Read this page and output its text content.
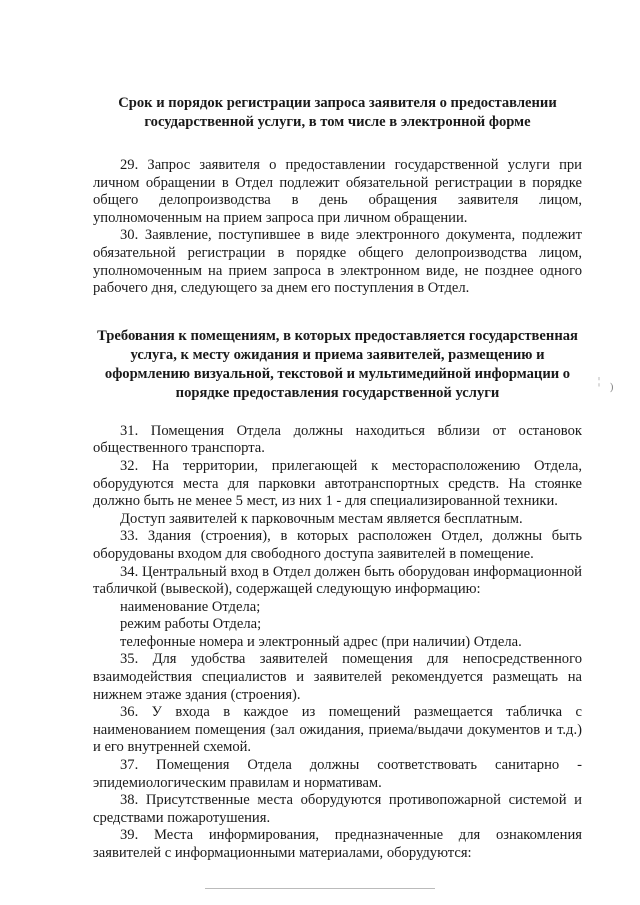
¦
)

Срок и порядок регистрации запроса заявителя о предоставлении государственной услуги, в том числе в электронной форме

29. Запрос заявителя о предоставлении государственной услуги при личном обращении в Отдел подлежит обязательной регистрации в порядке общего делопроизводства в день обращения заявителя лицом, уполномоченным на прием запроса при личном обращении.

30. Заявление, поступившее в виде электронного документа, подлежит обязательной регистрации в порядке общего делопроизводства лицом, уполномоченным на прием запроса в электронном виде, не позднее одного рабочего дня, следующего за днем его поступления в Отдел.

Требования к помещениям, в которых предоставляется государственная услуга, к месту ожидания и приема заявителей, размещению и оформлению визуальной, текстовой и мультимедийной информации о порядке предоставления государственной услуги

31. Помещения Отдела должны находиться вблизи от остановок общественного транспорта.

32. На территории, прилегающей к месторасположению Отдела, оборудуются места для парковки автотранспортных средств. На стоянке должно быть не менее 5 мест, из них 1 - для специализированной техники.

Доступ заявителей к парковочным местам является бесплатным.

33. Здания (строения), в которых расположен Отдел, должны быть оборудованы входом для свободного доступа заявителей в помещение.

34. Центральный вход в Отдел должен быть оборудован информационной табличкой (вывеской), содержащей следующую информацию:

наименование Отдела;

режим работы Отдела;

телефонные номера и электронный адрес (при наличии) Отдела.

35. Для удобства заявителей помещения для непосредственного взаимодействия специалистов и заявителей рекомендуется размещать на нижнем этаже здания (строения).

36. У входа в каждое из помещений размещается табличка с наименованием помещения (зал ожидания, приема/выдачи документов и т.д.) и его внутренней схемой.

37. Помещения Отдела должны соответствовать санитарно - эпидемиологическим правилам и нормативам.

38. Присутственные места оборудуются противопожарной системой и средствами пожаротушения.

39. Места информирования, предназначенные для ознакомления заявителей с информационными материалами, оборудуются:
